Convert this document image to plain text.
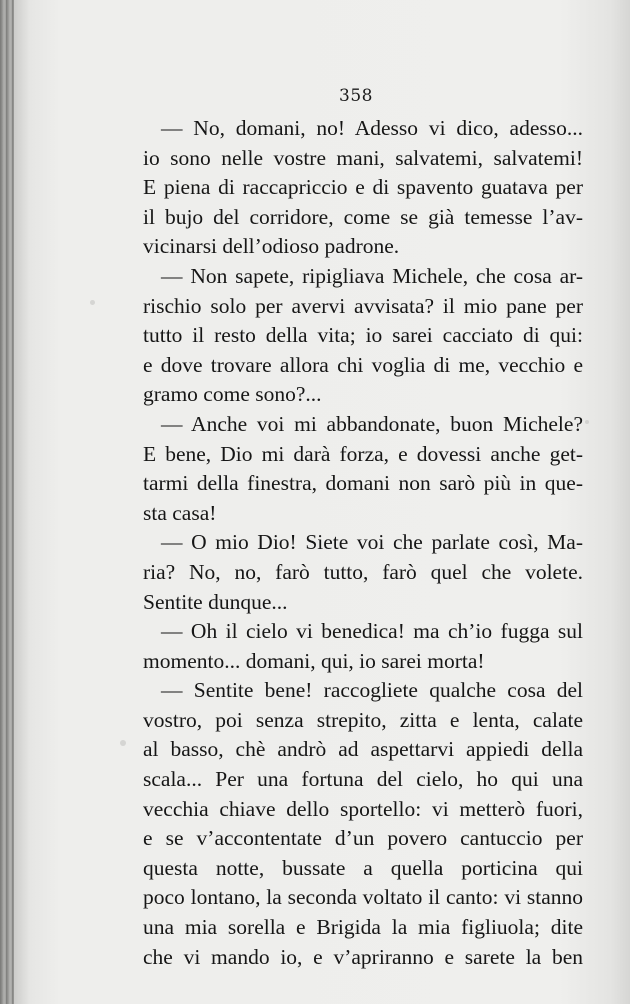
358
— No, domani, no! Adesso vi dico, adesso...
io sono nelle vostre mani, salvatemi, salvatemi!
E piena di raccapriccio e di spavento guatava per
il bujo del corridore, come se già temesse l’av-
vicinarsi dell’odioso padrone.
— Non sapete, ripigliava Michele, che cosa ar-
rischio solo per avervi avvisata? il mio pane per
tutto il resto della vita; io sarei cacciato di qui:
e dove trovare allora chi voglia di me, vecchio e
gramo come sono?...
— Anche voi mi abbandonate, buon Michele?
E bene, Dio mi darà forza, e dovessi anche get-
tarmi della finestra, domani non sarò più in que-
sta casa!
— O mio Dio! Siete voi che parlate così, Ma-
ria? No, no, farò tutto, farò quel che volete.
Sentite dunque...
— Oh il cielo vi benedica! ma ch’io fugga sul
momento... domani, qui, io sarei morta!
— Sentite bene! raccogliete qualche cosa del
vostro, poi senza strepito, zitta e lenta, calate
al basso, chè andrò ad aspettarvi appiedi della
scala... Per una fortuna del cielo, ho qui una
vecchia chiave dello sportello: vi metterò fuori,
e se v’accontentate d’un povero cantuccio per
questa notte, bussate a quella porticina qui
poco lontano, la seconda voltato il canto: vi stanno
una mia sorella e Brigida la mia figliuola; dite
che vi mando io, e v’apriranno e sarete la ben
